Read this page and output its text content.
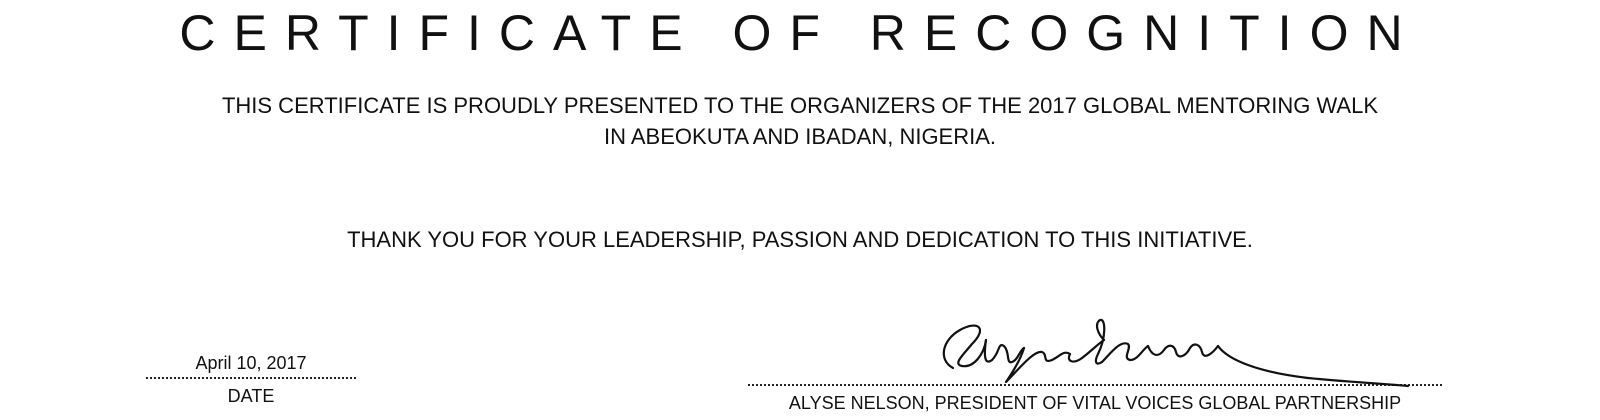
CERTIFICATE OF RECOGNITION
THIS CERTIFICATE IS PROUDLY PRESENTED TO THE ORGANIZERS OF THE 2017 GLOBAL MENTORING WALK
IN ABEOKUTA AND IBADAN, NIGERIA.
THANK YOU FOR YOUR LEADERSHIP, PASSION AND DEDICATION TO THIS INITIATIVE.
April 10, 2017
DATE	ALYSE NELSON, PRESIDENT OF VITAL VOICES GLOBAL PARTNERSHIP
